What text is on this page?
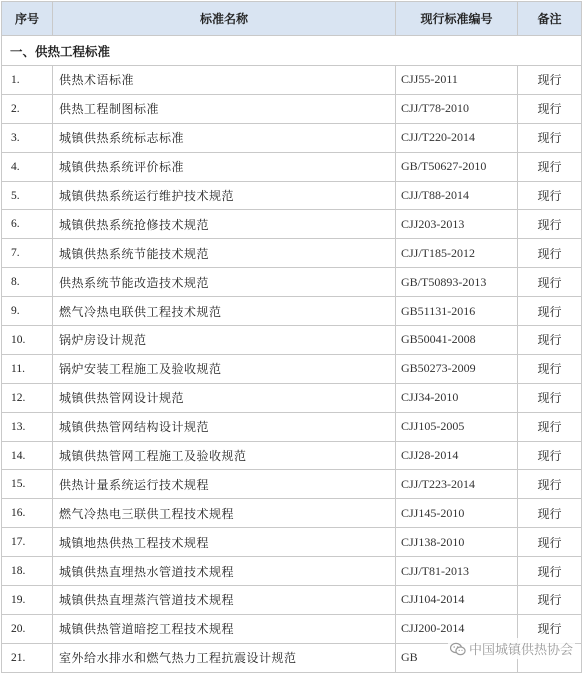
序号	标准名称	现行标准编号	备注
一、供热工程标准			
1.	供热术语标准	CJJ55-2011	现行
2.	供热工程制图标准	CJJ/T78-2010	现行
3.	城镇供热系统标志标准	CJJ/T220-2014	现行
4.	城镇供热系统评价标准	GB/T50627-2010	现行
5.	城镇供热系统运行维护技术规范	CJJ/T88-2014	现行
6.	城镇供热系统抢修技术规范	CJJ203-2013	现行
7.	城镇供热系统节能技术规范	CJJ/T185-2012	现行
8.	供热系统节能改造技术规范	GB/T50893-2013	现行
9.	燃气冷热电联供工程技术规范	GB51131-2016	现行
10.	锅炉房设计规范	GB50041-2008	现行
11.	锅炉安装工程施工及验收规范	GB50273-2009	现行
12.	城镇供热管网设计规范	CJJ34-2010	现行
13.	城镇供热管网结构设计规范	CJJ105-2005	现行
14.	城镇供热管网工程施工及验收规范	CJJ28-2014	现行
15.	供热计量系统运行技术规程	CJJ/T223-2014	现行
16.	燃气冷热电三联供工程技术规程	CJJ145-2010	现行
17.	城镇地热供热工程技术规程	CJJ138-2010	现行
18.	城镇供热直埋热水管道技术规程	CJJ/T81-2013	现行
19.	城镇供热直埋蒸汽管道技术规程	CJJ104-2014	现行
20.	城镇供热管道暗挖工程技术规程	CJJ200-2014	现行
21.	室外给水排水和燃气热力工程抗震设计规范	GB		中国城镇供热协会
